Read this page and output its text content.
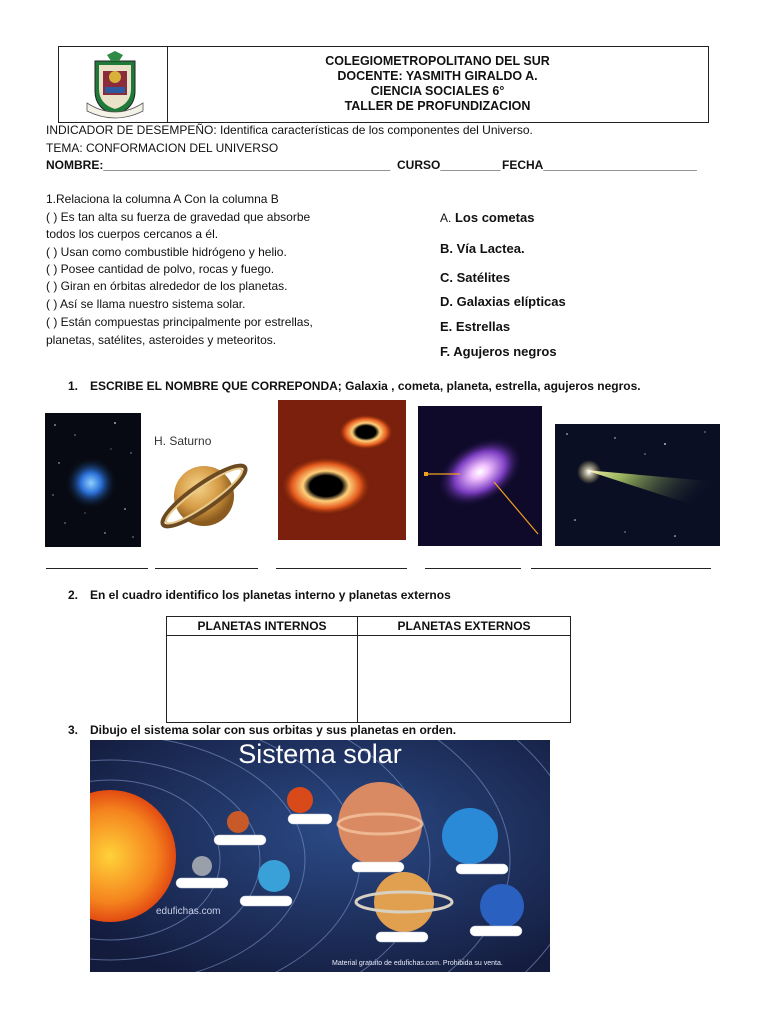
COLEGIOMETROPOLITANO DEL SUR
DOCENTE: YASMITH GIRALDO A.
CIENCIA SOCIALES 6°
TALLER DE PROFUNDIZACION
INDICADOR DE DESEMPEÑO: Identifica características de los componentes del Universo.
TEMA: CONFORMACION DEL UNIVERSO
NOMBRE:___________________________________________ CURSO_________ FECHA_______________________
1.Relaciona la columna A Con la columna B
( ) Es tan alta su fuerza de gravedad que absorbe
todos los cuerpos cercanos a él.
( ) Usan como combustible hidrógeno y helio.
( ) Posee cantidad de polvo, rocas y fuego.
( ) Giran en órbitas alrededor de los planetas.
( ) Así se llama nuestro sistema solar.
( ) Están compuestas principalmente por estrellas,
planetas, satélites, asteroides y meteoritos.
A. Los cometas
B. Vía Lactea.
C. Satélites
D. Galaxias elípticas
E. Estrellas
F. Agujeros negros
1. ESCRIBE EL NOMBRE QUE CORREPONDA; Galaxia , cometa, planeta, estrella, agujeros negros.
H. Saturno
2. En el cuadro identifico los planetas interno y planetas externos
PLANETAS INTERNOS	PLANETAS EXTERNOS

3. Dibujo el sistema solar con sus orbitas y sus planetas en orden.
Sistema solar
edufichas.com
Material gratuito de edufichas.com. Prohibida su venta.
